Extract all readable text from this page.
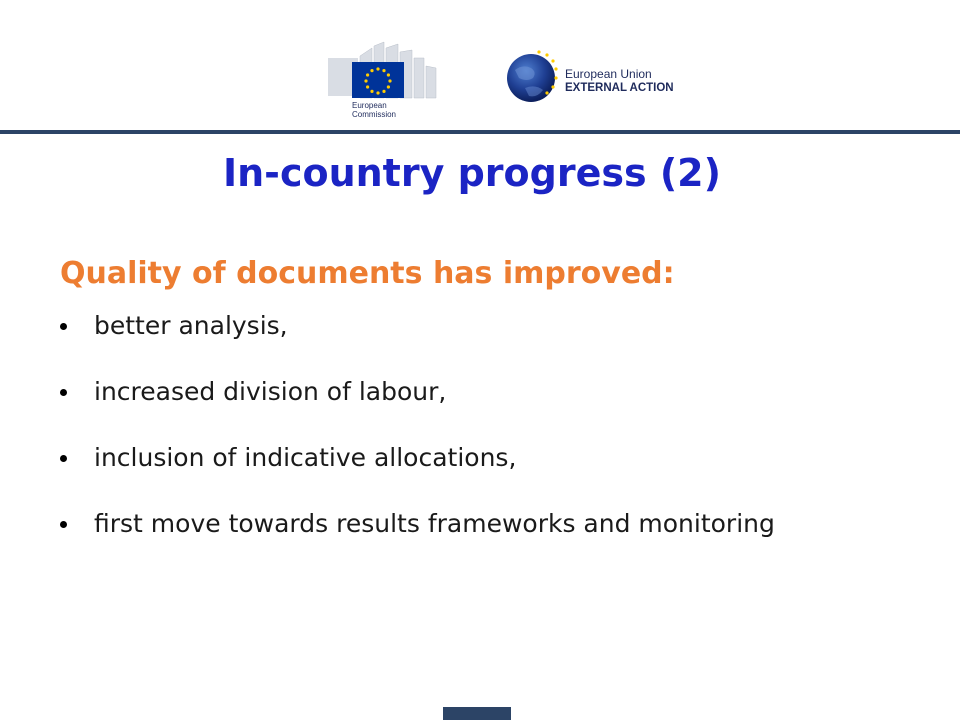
European
Commission
European Union
EXTERNAL ACTION
In-country progress (2)
Quality of documents has improved:
better analysis,
increased division of labour,
inclusion of indicative allocations,
first move towards results frameworks and monitoring
